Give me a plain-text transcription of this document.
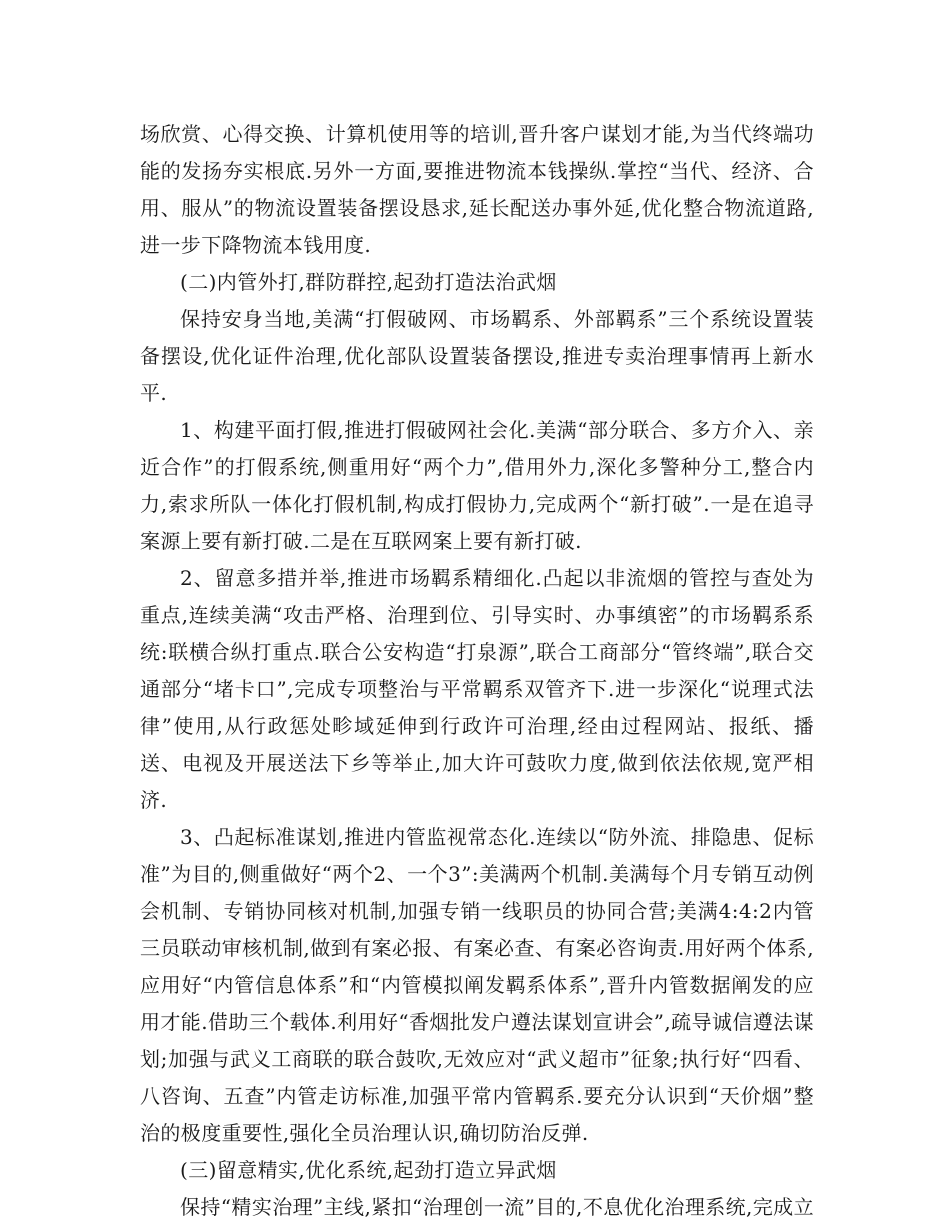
场欣赏、心得交换、计算机使用等的培训,晋升客户谋划才能,为当代终端功能的发扬夯实根底.另外一方面,要推进物流本钱操纵.掌控“当代、经济、合用、服从”的物流设置装备摆设恳求,延长配送办事外延,优化整合物流道路,进一步下降物流本钱用度.

(二)内管外打,群防群控,起劲打造法治武烟

保持安身当地,美满“打假破网、市场羁系、外部羁系”三个系统设置装备摆设,优化证件治理,优化部队设置装备摆设,推进专卖治理事情再上新水平.

1、构建平面打假,推进打假破网社会化.美满“部分联合、多方介入、亲近合作”的打假系统,侧重用好“两个力”,借用外力,深化多警种分工,整合内力,索求所队一体化打假机制,构成打假协力,完成两个“新打破”.一是在追寻案源上要有新打破.二是在互联网案上要有新打破.

2、留意多措并举,推进市场羁系精细化.凸起以非流烟的管控与查处为重点,连续美满“攻击严格、治理到位、引导实时、办事缜密”的市场羁系系统:联横合纵打重点.联合公安构造“打泉源”,联合工商部分“管终端”,联合交通部分“堵卡口”,完成专项整治与平常羁系双管齐下.进一步深化“说理式法律”使用,从行政惩处畛域延伸到行政许可治理,经由过程网站、报纸、播送、电视及开展送法下乡等举止,加大许可鼓吹力度,做到依法依规,宽严相济.

3、凸起标准谋划,推进内管监视常态化.连续以“防外流、排隐患、促标准”为目的,侧重做好“两个2、一个3”:美满两个机制.美满每个月专销互动例会机制、专销协同核对机制,加强专销一线职员的协同合营;美满4:4:2内管三员联动审核机制,做到有案必报、有案必查、有案必咨询责.用好两个体系,应用好“内管信息体系”和“内管模拟阐发羁系体系”,晋升内管数据阐发的应用才能.借助三个载体.利用好“香烟批发户遵法谋划宣讲会”,疏导诚信遵法谋划;加强与武义工商联的联合鼓吹,无效应对“武义超市”征象;执行好“四看、八咨询、五查”内管走访标准,加强平常内管羁系.要充分认识到“天价烟”整治的极度重要性,强化全员治理认识,确切防治反弹.

(三)留意精实,优化系统,起劲打造立异武烟

保持“精实治理”主线,紧扣“治理创一流”目的,不息优化治理系统,完成立
